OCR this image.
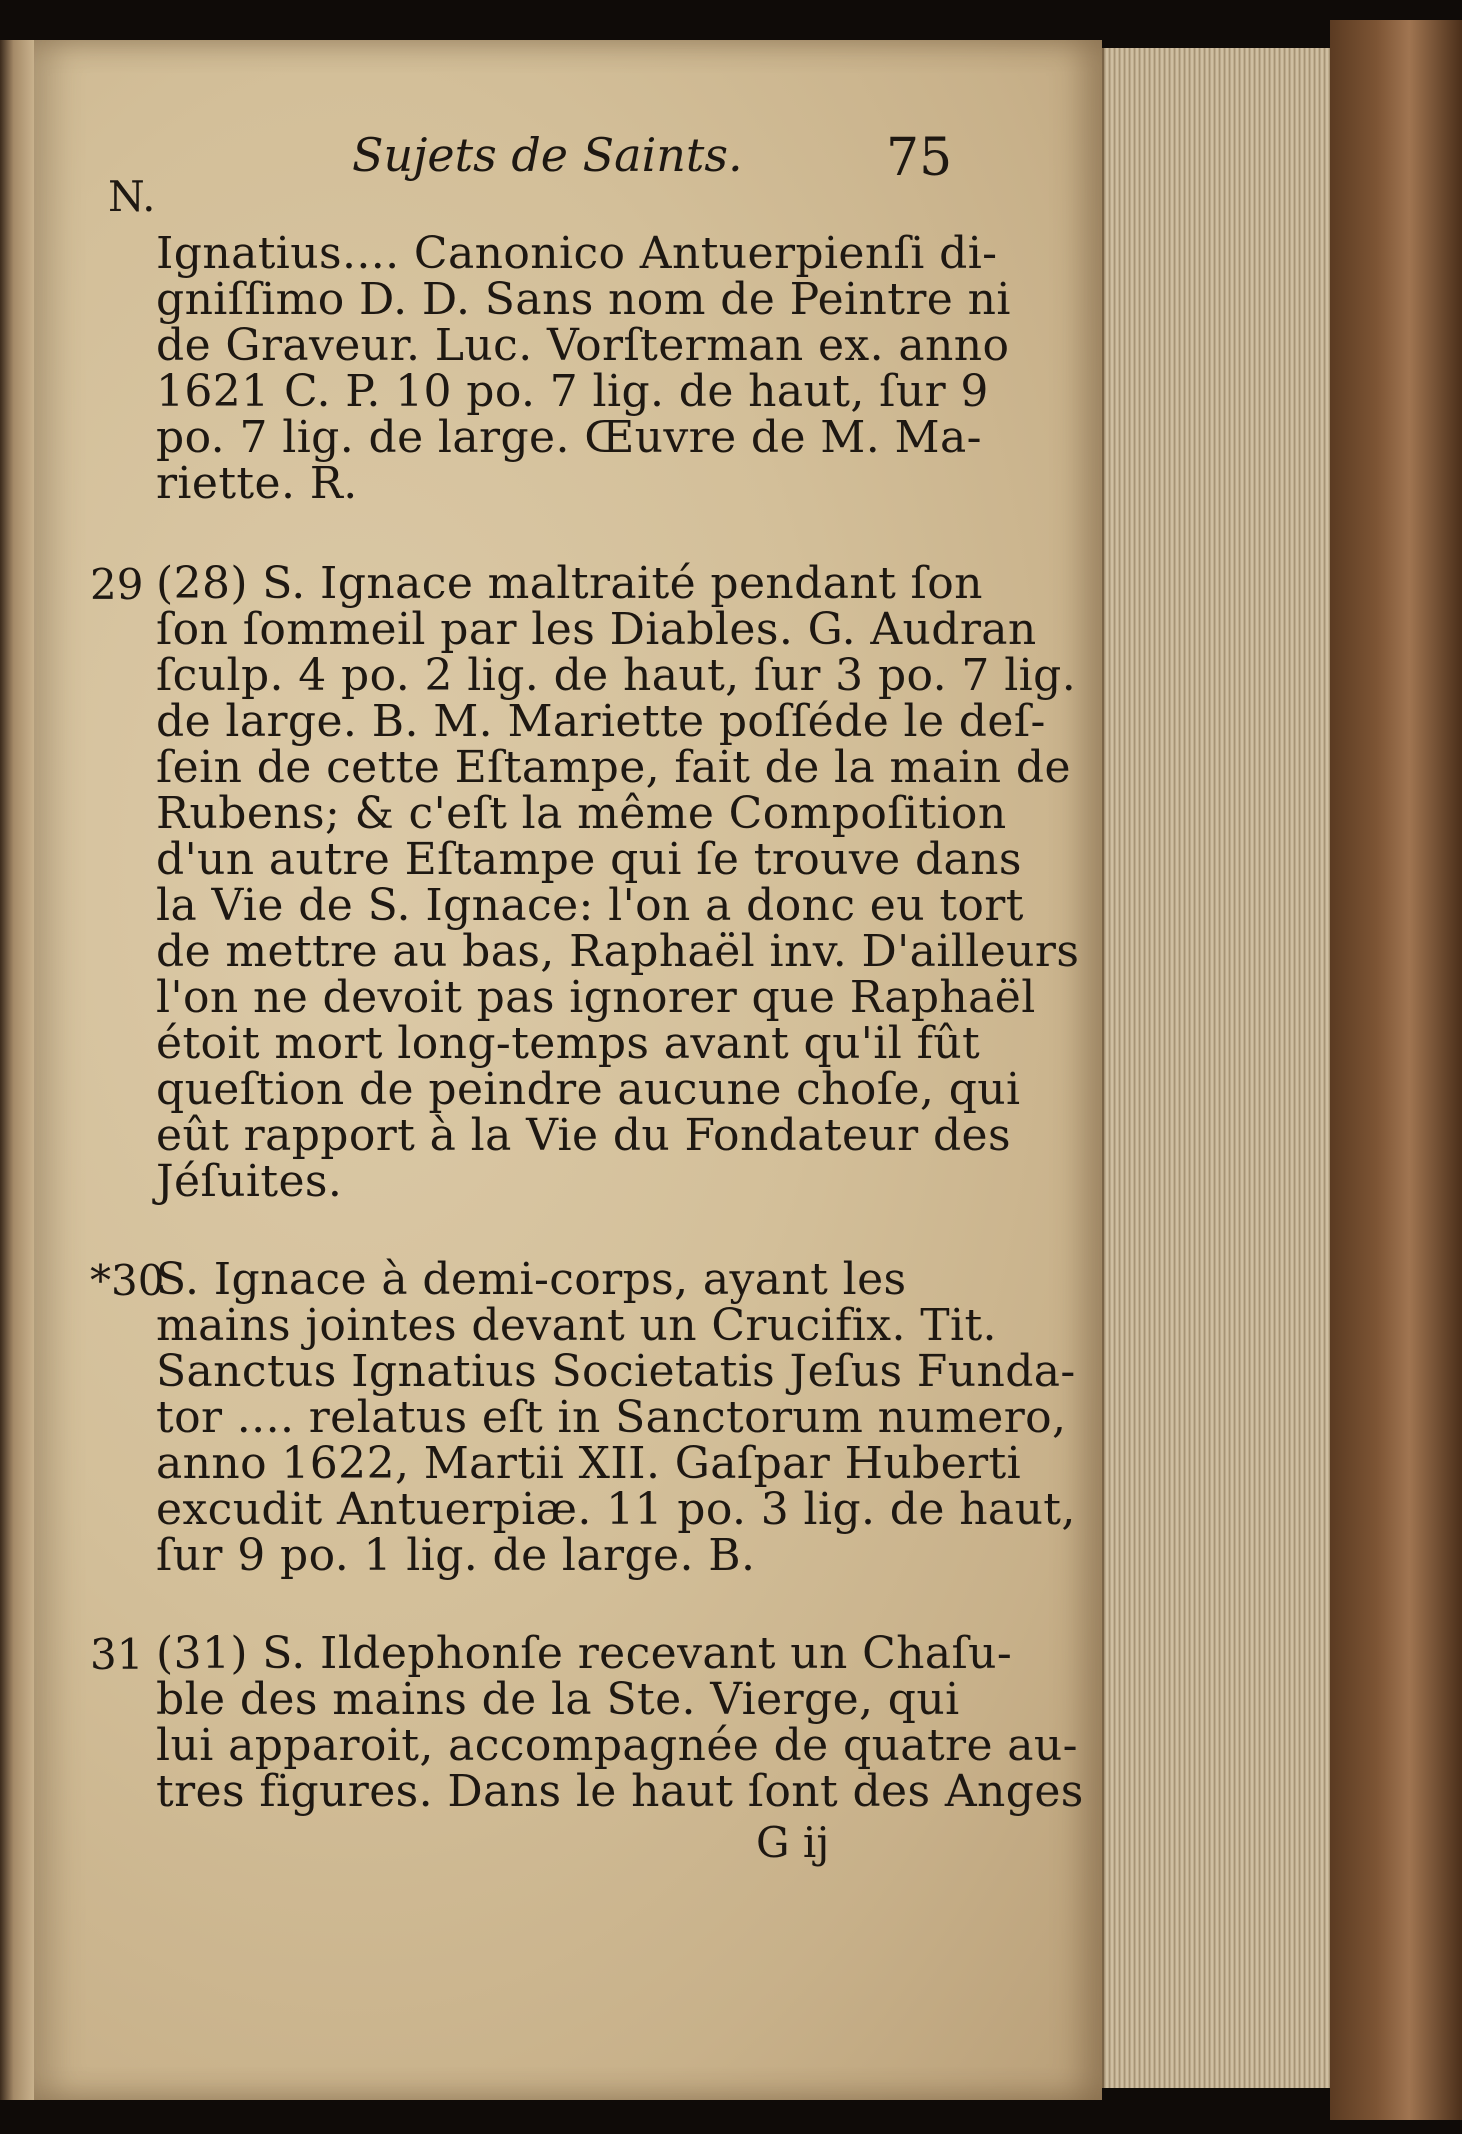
Sujets de Saints.	75
N.
Ignatius.... Canonico Antuerpienſi di-
gniſſimo D. D. Sans nom de Peintre ni
de Graveur. Luc. Vorſterman ex. anno
1621 C. P. 10 po. 7 lig. de haut, ſur 9
po. 7 lig. de large. Œuvre de M. Ma-
riette. R.
29 (28) S. Ignace maltraité pendant ſon
ſon ſommeil par les Diables. G. Audran
ſculp. 4 po. 2 lig. de haut, ſur 3 po. 7 lig.
de large. B. M. Mariette poſſéde le deſ-
ſein de cette Eſtampe, fait de la main de
Rubens; & c'eſt la même Compoſition
d'un autre Eſtampe qui ſe trouve dans
la Vie de S. Ignace: l'on a donc eu tort
de mettre au bas, Raphaël inv. D'ailleurs
l'on ne devoit pas ignorer que Raphaël
étoit mort long-temps avant qu'il fût
queſtion de peindre aucune choſe, qui
eût rapport à la Vie du Fondateur des
Jéſuites.
*30
S. Ignace à demi-corps, ayant les
mains jointes devant un Crucifix. Tit.
Sanctus Ignatius Societatis Jeſus Funda-
tor .... relatus eſt in Sanctorum numero,
anno 1622, Martii XII. Gaſpar Huberti
excudit Antuerpiæ. 11 po. 3 lig. de haut,
ſur 9 po. 1 lig. de large. B.
31 (31) S. Ildephonſe recevant un Chaſu-
ble des mains de la Ste. Vierge, qui
lui apparoit, accompagnée de quatre au-
tres figures. Dans le haut ſont des Anges
G ij
